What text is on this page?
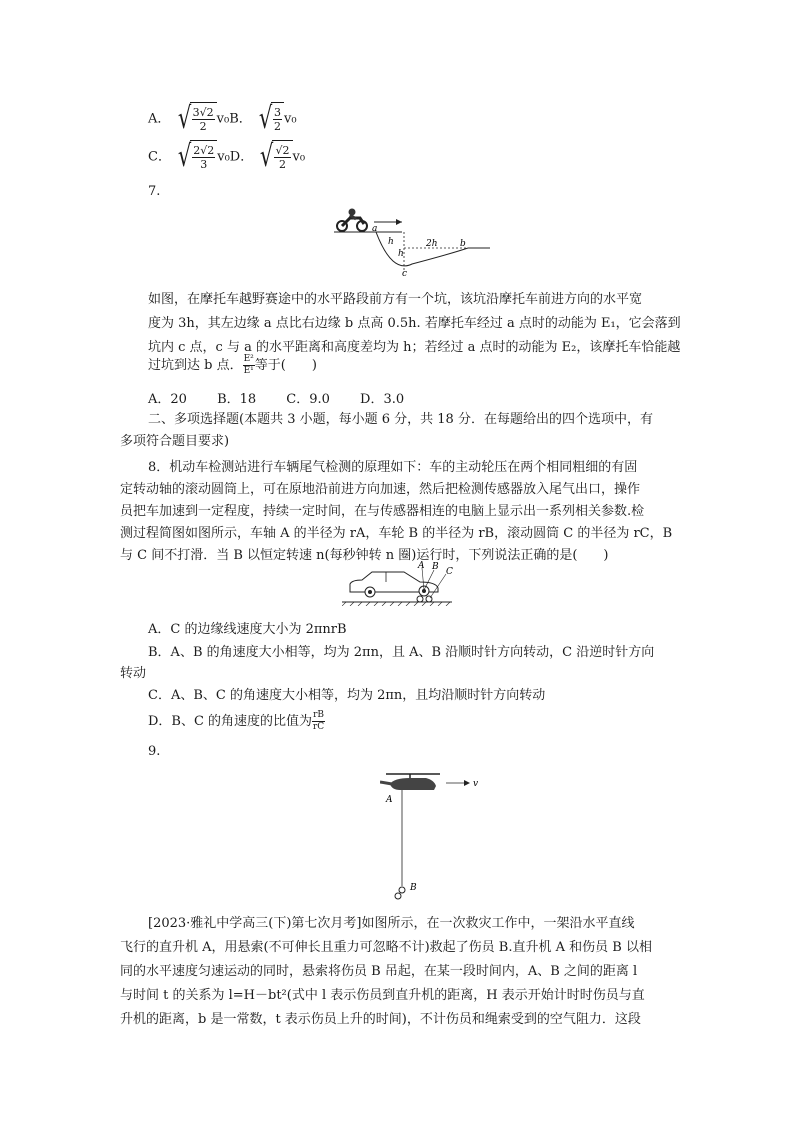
A． √ $\frac{3√2}{2} v_0B$． √ $\frac{3}{2} v_0$
C． √ $\frac{2√2}{3} v_0D$． √ $\frac{√2}{2} v_0$
7.
a
h
h
2h b
c
如图，在摩托车越野赛途中的水平路段前方有一个坑，该坑沿摩托车前进方向的水平宽
度为 3h，其左边缘 a 点比右边缘 b 点高 0.5h. 若摩托车经过 a 点时的动能为 E₁，它会落到
坑内 c 点，c 与 a 的水平距离和高度差均为 h；若经过 a 点时的动能为 E₂，该摩托车恰能越
过坑到达 b 点． $\frac{\text{E²}}{\text{E¹}}$ 等于(　　)
A．20　　 B．18　　 C．9.0　　 D．3.0
二、多项选择题(本题共 3 小题，每小题 6 分，共 18 分．在每题给出的四个选项中，有
多项符合题目要求)
8．机动车检测站进行车辆尾气检测的原理如下：车的主动轮压在两个相同粗细的有固
定转动轴的滚动圆筒上，可在原地沿前进方向加速，然后把检测传感器放入尾气出口，操作
员把车加速到一定程度，持续一定时间，在与传感器相连的电脑上显示出一系列相关参数.检
测过程简图如图所示，车轴 A 的半径为 rA，车轮 B 的半径为 rB，滚动圆筒 C 的半径为 rC，B
与 C 间不打滑．当 B 以恒定转速 n(每秒钟转 n 圈)运行时，下列说法正确的是(　　)
A B C
A．C 的边缘线速度大小为 2πnrB
B．A、B 的角速度大小相等，均为 2πn，且 A、B 沿顺时针方向转动，C 沿逆时针方向
转动
C．A、B、C 的角速度大小相等，均为 2πn，且均沿顺时针方向转动
D．B、C 的角速度的比值为 $\frac{rB}{rC}$
9.
v
A
B
[2023·雅礼中学高三(下)第七次月考]如图所示，在一次救灾工作中，一架沿水平直线
飞行的直升机 A，用悬索(不可伸长且重力可忽略不计)救起了伤员 B.直升机 A 和伤员 B 以相
同的水平速度匀速运动的同时，悬索将伤员 B 吊起，在某一段时间内，A、B 之间的距离 l
与时间 t 的关系为 l=H－bt²(式中 l 表示伤员到直升机的距离，H 表示开始计时时伤员与直
升机的距离，b 是一常数，t 表示伤员上升的时间)，不计伤员和绳索受到的空气阻力．这段
